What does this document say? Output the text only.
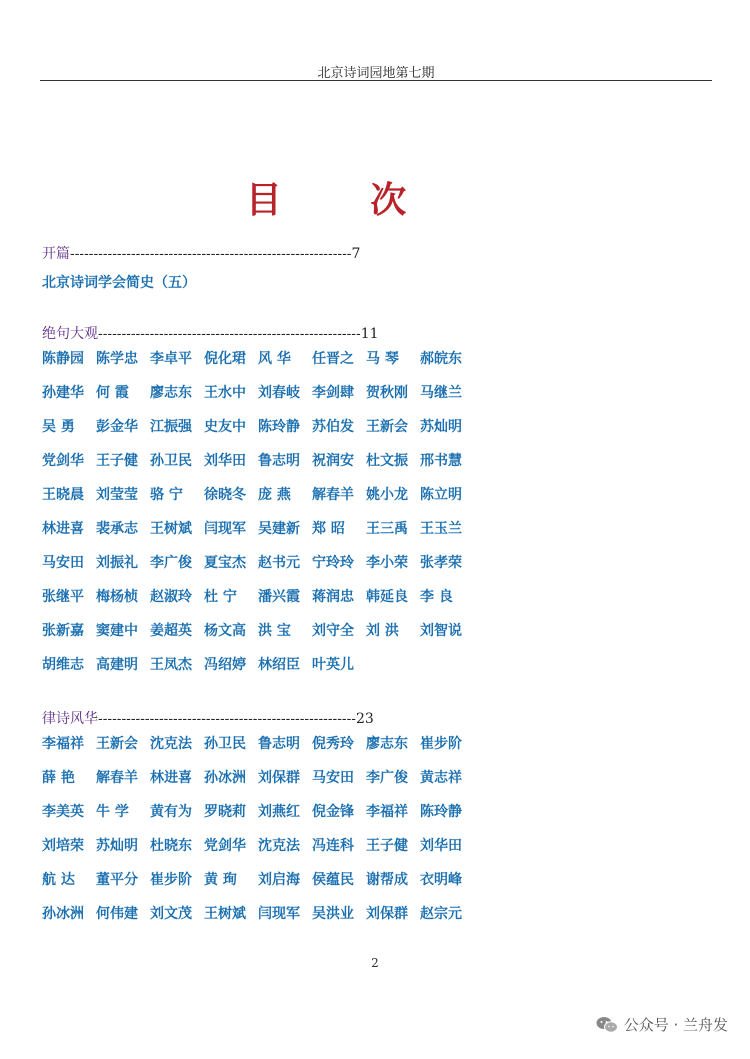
北京诗词园地第七期
目 次
开篇------------------------------------------------------------7
北京诗词学会简史（五）
绝句大观--------------------------------------------------------11
陈静园 陈学忠 李卓平 倪化珺 风 华 任晋之 马 琴 郝皖东
孙建华 何 霞 廖志东 王水中 刘春岐 李剑肆 贺秋刚 马继兰
吴 勇 彭金华 江振强 史友中 陈玲静 苏伯发 王新会 苏灿明
党剑华 王子健 孙卫民 刘华田 鲁志明 祝润安 杜文振 邢书慧
王晓晨 刘莹莹 骆 宁 徐晓冬 庞 燕 解春羊 姚小龙 陈立明
林进喜 裴承志 王树斌 闫现军 吴建新 郑 昭 王三禹 王玉兰
马安田 刘振礼 李广俊 夏宝杰 赵书元 宁玲玲 李小荣 张孝荣
张继平 梅杨桢 赵淑玲 杜 宁 潘兴霞 蒋润忠 韩延良 李 良
张新嘉 窦建中 姜超英 杨文高 洪 宝 刘守全 刘 洪 刘智说
胡维志 高建明 王凤杰 冯绍婷 林绍臣 叶英儿
律诗风华-------------------------------------------------------23
李福祥 王新会 沈克法 孙卫民 鲁志明 倪秀玲 廖志东 崔步阶
薛 艳 解春羊 林进喜 孙冰洲 刘保群 马安田 李广俊 黄志祥
李美英 牛 学 黄有为 罗晓莉 刘燕红 倪金锋 李福祥 陈玲静
刘培荣 苏灿明 杜晓东 党剑华 沈克法 冯连科 王子健 刘华田
航 达 董平分 崔步阶 黄 珣 刘启海 侯蕴民 谢帮成 衣明峰
孙冰洲 何伟建 刘文茂 王树斌 闫现军 吴洪业 刘保群 赵宗元
2
公众号 · 兰舟发
